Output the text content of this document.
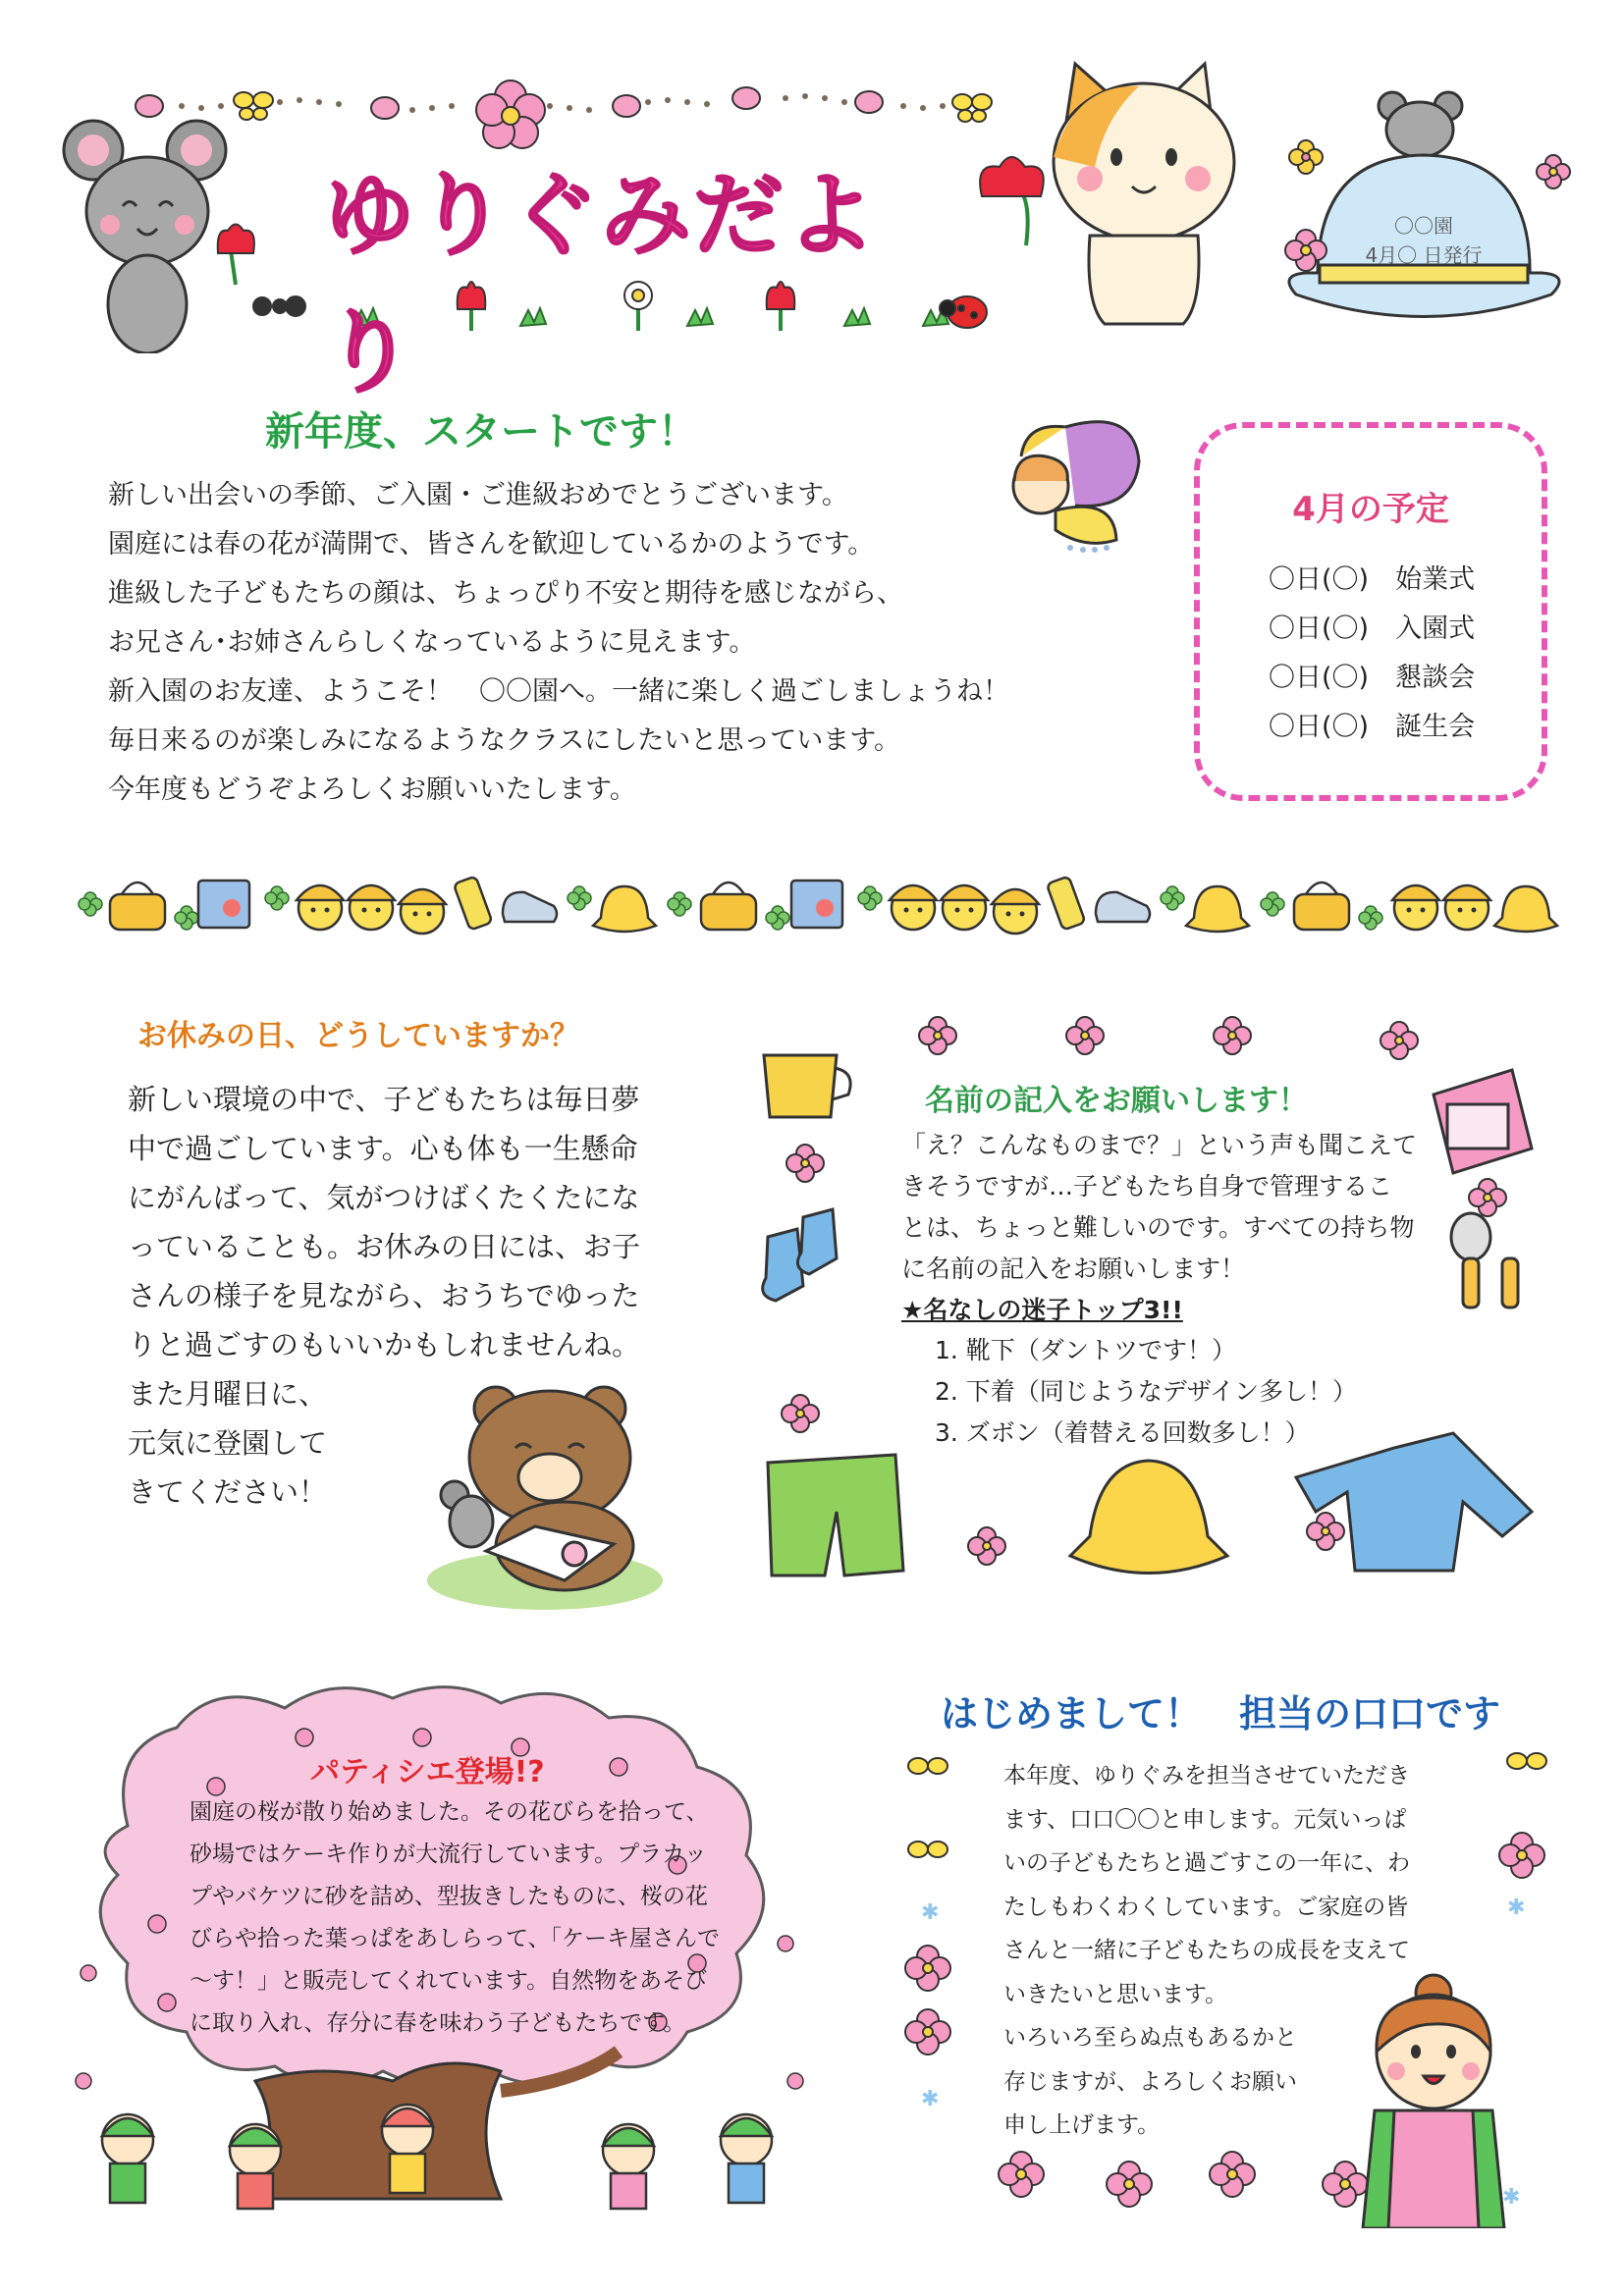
ゆりぐみだより
〇〇園
4月〇 日発行
新年度、スタートです！
新しい出会いの季節、ご入園・ご進級おめでとうございます。
園庭には春の花が満開で、皆さんを歓迎しているかのようです。
進級した子どもたちの顔は、ちょっぴり不安と期待を感じながら、
お兄さん･お姉さんらしくなっているように見えます。
新入園のお友達、ようこそ！　〇〇園へ。一緒に楽しく過ごしましょうね！
毎日来るのが楽しみになるようなクラスにしたいと思っています。
今年度もどうぞよろしくお願いいたします。
4月の予定
〇日(〇)　始業式
〇日(〇)　入園式
〇日(〇)　懇談会
〇日(〇)　誕生会
お休みの日、どうしていますか？
新しい環境の中で、子どもたちは毎日夢
中で過ごしています。心も体も一生懸命
にがんばって、気がつけばくたくたにな
っていることも。お休みの日には、お子
さんの様子を見ながら、おうちでゆった
りと過ごすのもいいかもしれませんね。
また月曜日に、
元気に登園して
きてください！
名前の記入をお願いします！
「え？こんなものまで？」という声も聞こえて
きそうですが…子どもたち自身で管理するこ
とは、ちょっと難しいのです。すべての持ち物
に名前の記入をお願いします！
★名なしの迷子トップ3!!
1. 靴下（ダントツです！）
2. 下着（同じようなデザイン多し！）
3. ズボン（着替える回数多し！）
パティシエ登場!?
園庭の桜が散り始めました。その花びらを拾って、
砂場ではケーキ作りが大流行しています。プラカッ
プやバケツに砂を詰め、型抜きしたものに、桜の花
びらや拾った葉っぱをあしらって、「ケーキ屋さんで
～す！」と販売してくれています。自然物をあそび
に取り入れ、存分に春を味わう子どもたちです。
はじめまして！　担当の口口です
✱
✱
✱
✱
本年度、ゆりぐみを担当させていただき
ます、口口〇〇と申します。元気いっぱ
いの子どもたちと過ごすこの一年に、わ
たしもわくわくしています。ご家庭の皆
さんと一緒に子どもたちの成長を支えて
いきたいと思います。
いろいろ至らぬ点もあるかと
存じますが、よろしくお願い
申し上げます。
